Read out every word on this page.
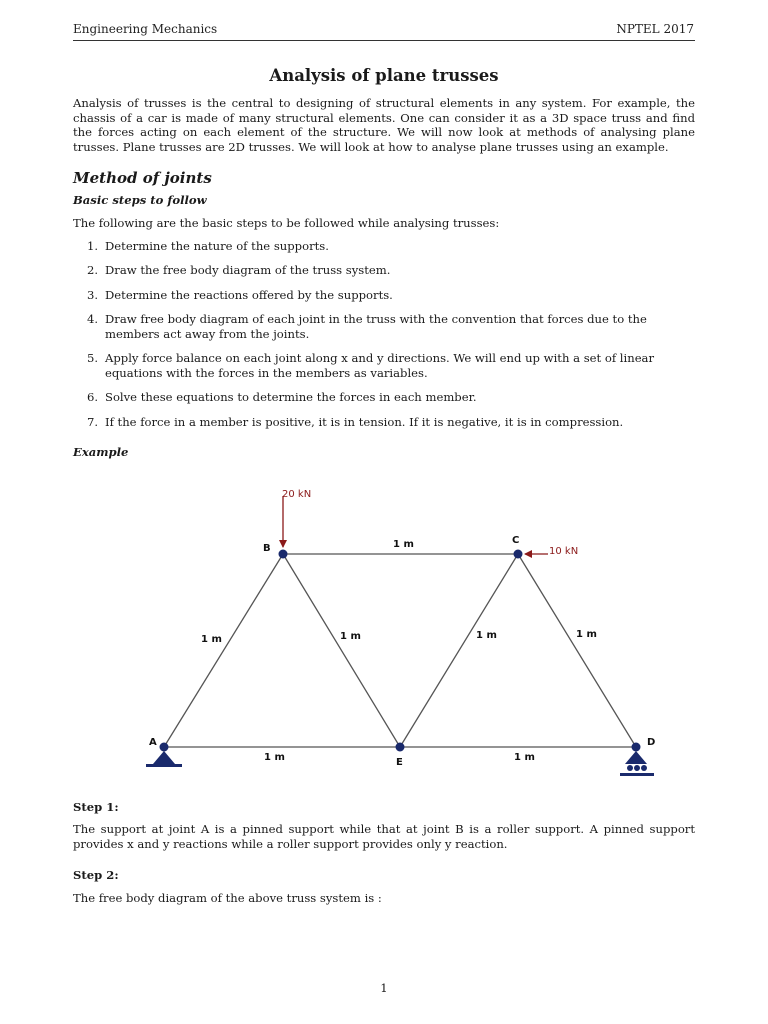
Engineering Mechanics	NPTEL 2017
Analysis of plane trusses
Analysis of trusses is the central to designing of structural elements in any system. For example, the chassis of a car is made of many structural elements. One can consider it as a 3D space truss and find the forces acting on each element of the structure. We will now look at methods of analysing plane trusses. Plane trusses are 2D trusses. We will look at how to analyse plane trusses using an example.
Method of joints
Basic steps to follow
The following are the basic steps to be followed while analysing trusses:
1. Determine the nature of the supports.
2. Draw the free body diagram of the truss system.
3. Determine the reactions offered by the supports.
4. Draw free body diagram of each joint in the truss with the convention that forces due to the members act away from the joints.
5. Apply force balance on each joint along x and y directions. We will end up with a set of linear equations with the forces in the members as variables.
6. Solve these equations to determine the forces in each member.
7. If the force in a member is positive, it is in tension. If it is negative, it is in compression.
Example
20 kN
10 kN
A
B
C
D
E
1 m
1 m	1 m	1 m	1 m
1 m	1 m
Step 1:
The support at joint A is a pinned support while that at joint B is a roller support. A pinned support provides x and y reactions while a roller support provides only y reaction.
Step 2:
The free body diagram of the above truss system is :
1
